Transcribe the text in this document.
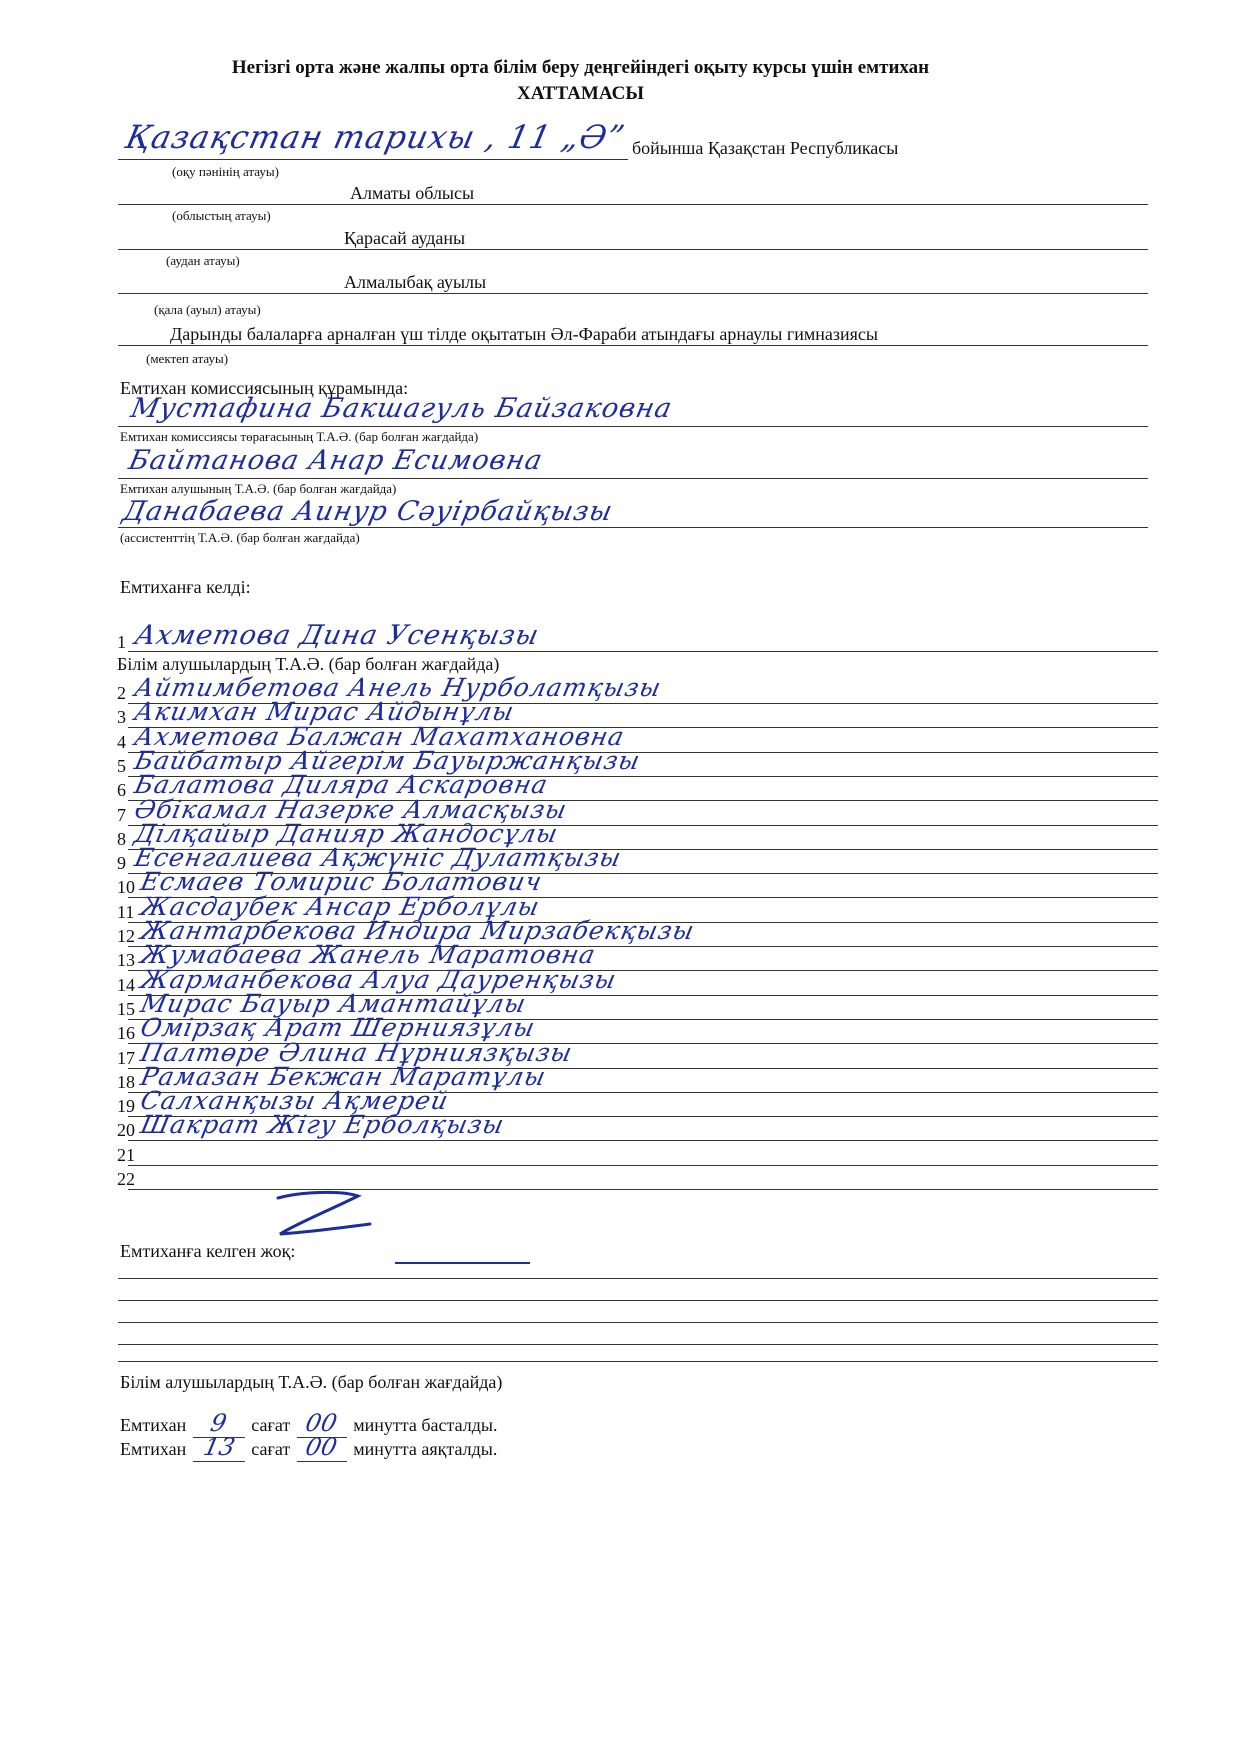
Негізгі орта және жалпы орта білім беру деңгейіндегі оқыту курсы үшін емтихан
ХАТТАМАСЫ
Қазақстан тарихы , 11 „Ә” бойынша Қазақстан Республикасы
(оқу пәнінің атауы)
Алматы облысы
(облыстың атауы)
Қарасай ауданы
(аудан атауы)
Алмалыбақ ауылы
(қала (ауыл) атауы)
Дарынды балаларға арналған үш тілде оқытатын Әл-Фараби атындағы арнаулы гимназиясы
(мектеп атауы)
Емтихан комиссиясының құрамында:
Мустафина Бакшагуль Байзаковна
Емтихан комиссиясы төрағасының Т.А.Ә. (бар болған жағдайда)
Байтанова Анар Есимовна
Емтихан алушының Т.А.Ә. (бар болған жағдайда)
Данабаева Аинур Сәуірбайқызы
(ассистенттің Т.А.Ә. (бар болған жағдайда)
Емтиханға келді:
1 Ахметова Дина Усенқызы
Білім алушылардың Т.А.Ә. (бар болған жағдайда)
2 Айтимбетова Анель Нурболатқызы
3 Акимхан Мирас Айдынұлы
4 Ахметова Балжан Махатхановна
5 Байбатыр Айгерім Бауыржанқызы
6 Балатова Диляра Аскаровна
7 Әбікамал Назерке Алмасқызы
8 Ділқайыр Данияр Жандосұлы
9 Есенгалиева Ақжүніс Дулатқызы
10 Есмаев Томирис Болатович
11 Жасдаубек Ансар Ерболұлы
12 Жантарбекова Индира Мирзабекқызы
13 Жумабаева Жанель Маратовна
14 Жарманбекова Алуа Дауренқызы
15 Мирас Бауыр Амантайұлы
16 Омірзақ Арат Шерниязұлы
17 Палтөре Әлина Нұрниязқызы
18 Рамазан Бекжан Маратұлы
19 Салханқызы Ақмерей
20 Шакрат Жігу Ерболқызы
21
22
Емтиханға келген жоқ:
Білім алушылардың Т.А.Ә. (бар болған жағдайда)
Емтихан 9 сағат 00 минутта басталды.
Емтихан 13 сағат 00 минутта аяқталды.
